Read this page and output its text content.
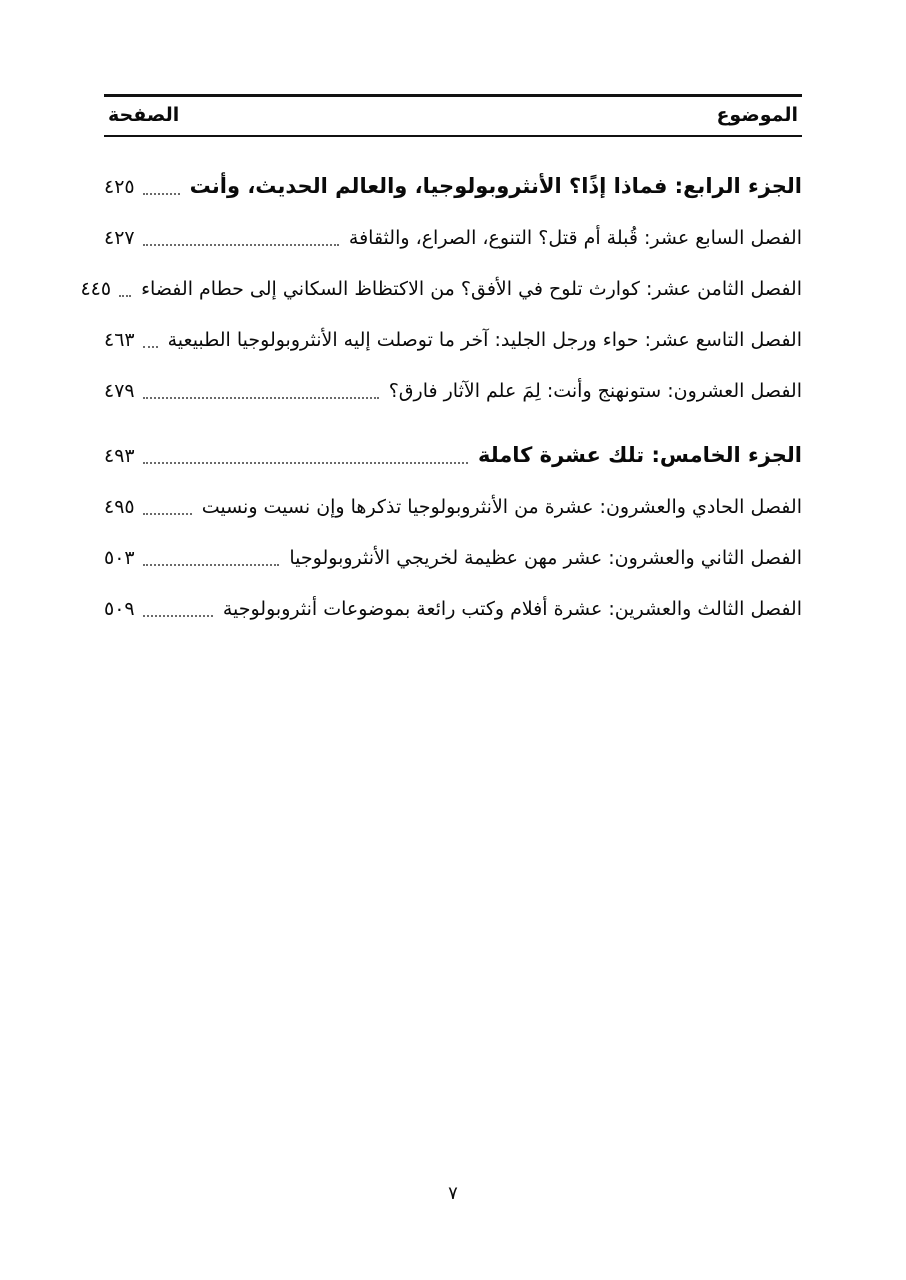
الموضوع
الصفحة
الجزء الرابع: فماذا إذًا؟ الأنثروبولوجيا، والعالم الحديث، وأنت
٤٢٥
الفصل السابع عشر: قُبلة أم قتل؟ التنوع، الصراع، والثقافة
٤٢٧
الفصل الثامن عشر: كوارث تلوح في الأفق؟ من الاكتظاظ السكاني إلى حطام الفضاء
٤٤٥
الفصل التاسع عشر: حواء ورجل الجليد: آخر ما توصلت إليه الأنثروبولوجيا الطبيعية
٤٦٣
الفصل العشرون: ستونهنج وأنت: لِمَ علم الآثار فارق؟
٤٧٩
الجزء الخامس: تلك عشرة كاملة
٤٩٣
الفصل الحادي والعشرون: عشرة من الأنثروبولوجيا تذكرها وإن نسيت ونسيت
٤٩٥
الفصل الثاني والعشرون: عشر مهن عظيمة لخريجي الأنثروبولوجيا
٥٠٣
الفصل الثالث والعشرين: عشرة أفلام وكتب رائعة بموضوعات أنثروبولوجية
٥٠٩
٧
